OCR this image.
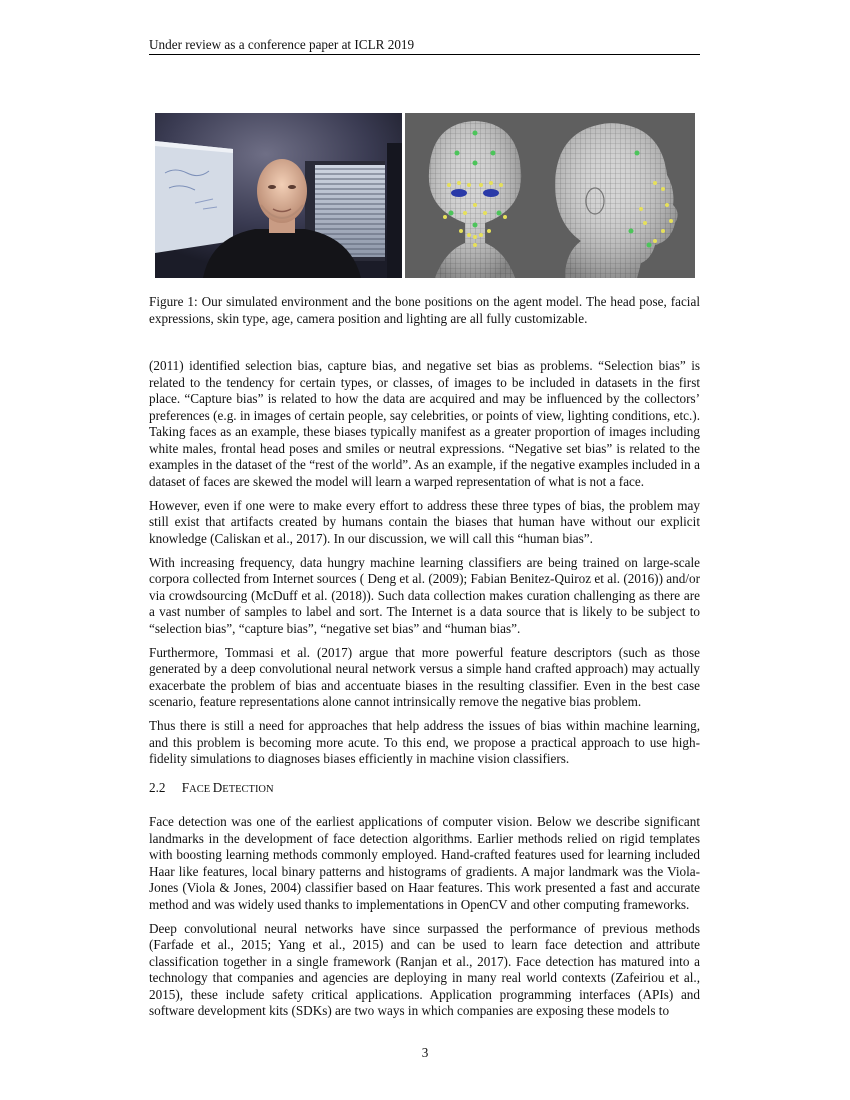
Under review as a conference paper at ICLR 2019
Figure 1: Our simulated environment and the bone positions on the agent model. The head pose, facial expressions, skin type, age, camera position and lighting are all fully customizable.

(2011) identified selection bias, capture bias, and negative set bias as problems. “Selection bias” is related to the tendency for certain types, or classes, of images to be included in datasets in the first place. “Capture bias” is related to how the data are acquired and may be influenced by the collectors’ preferences (e.g. in images of certain people, say celebrities, or points of view, lighting conditions, etc.). Taking faces as an example, these biases typically manifest as a greater proportion of images including white males, frontal head poses and smiles or neutral expressions. “Negative set bias” is related to the examples in the dataset of the “rest of the world”. As an example, if the negative examples included in a dataset of faces are skewed the model will learn a warped representation of what is not a face.

However, even if one were to make every effort to address these three types of bias, the problem may still exist that artifacts created by humans contain the biases that human have without our explicit knowledge (Caliskan et al., 2017). In our discussion, we will call this “human bias”.

With increasing frequency, data hungry machine learning classifiers are being trained on large-scale corpora collected from Internet sources ( Deng et al. (2009); Fabian Benitez-Quiroz et al. (2016)) and/or via crowdsourcing (McDuff et al. (2018)). Such data collection makes curation challenging as there are a vast number of samples to label and sort. The Internet is a data source that is likely to be subject to “selection bias”, “capture bias”, “negative set bias” and “human bias”.

Furthermore, Tommasi et al. (2017) argue that more powerful feature descriptors (such as those generated by a deep convolutional neural network versus a simple hand crafted approach) may actually exacerbate the problem of bias and accentuate biases in the resulting classifier. Even in the best case scenario, feature representations alone cannot intrinsically remove the negative bias problem.

Thus there is still a need for approaches that help address the issues of bias within machine learning, and this problem is becoming more acute. To this end, we propose a practical approach to use high-fidelity simulations to diagnoses biases efficiently in machine vision classifiers.

2.2 FACE DETECTION

Face detection was one of the earliest applications of computer vision. Below we describe significant landmarks in the development of face detection algorithms. Earlier methods relied on rigid templates with boosting learning methods commonly employed. Hand-crafted features used for learning included Haar like features, local binary patterns and histograms of gradients. A major landmark was the Viola-Jones (Viola & Jones, 2004) classifier based on Haar features. This work presented a fast and accurate method and was widely used thanks to implementations in OpenCV and other computing frameworks.

Deep convolutional neural networks have since surpassed the performance of previous methods (Farfade et al., 2015; Yang et al., 2015) and can be used to learn face detection and attribute classification together in a single framework (Ranjan et al., 2017). Face detection has matured into a technology that companies and agencies are deploying in many real world contexts (Zafeiriou et al., 2015), these include safety critical applications. Application programming interfaces (APIs) and software development kits (SDKs) are two ways in which companies are exposing these models to

3
